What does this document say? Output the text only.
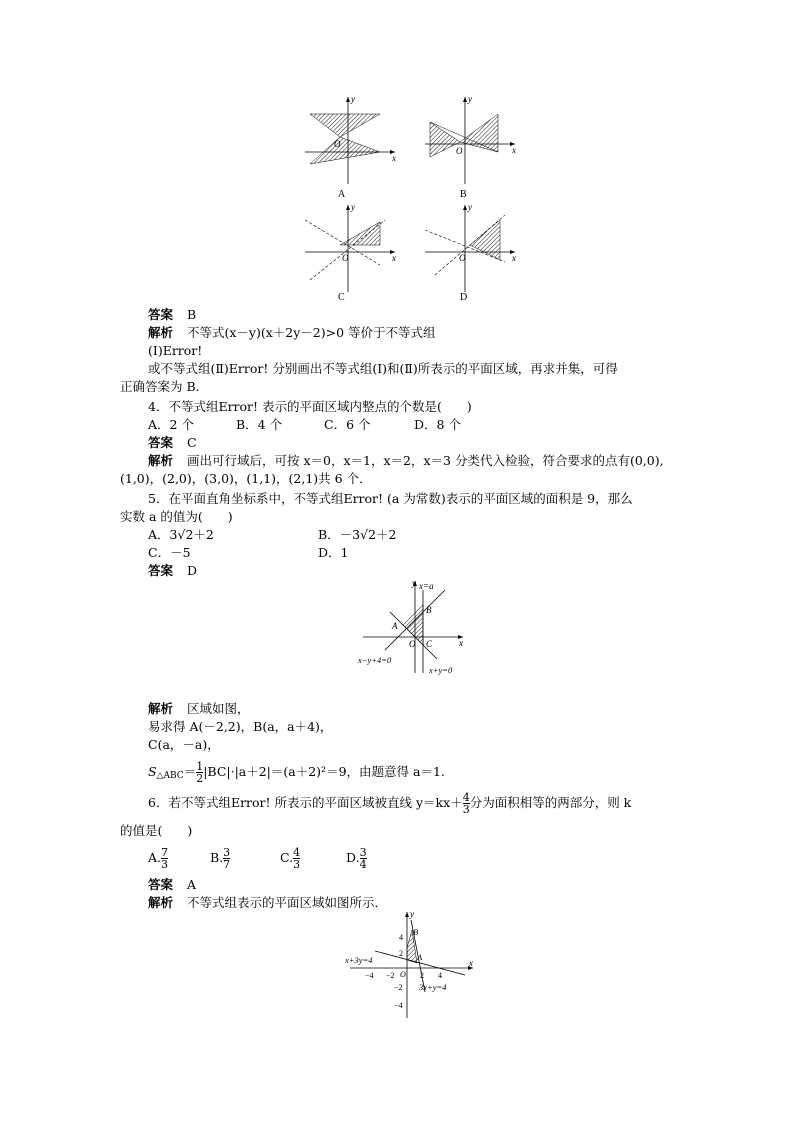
y
x
O
A
y
x
O
B
y
x
O
C
y
x
O
D
答案 B
解析 不等式(x－y)(x＋2y－2)>0 等价于不等式组
(Ⅰ)Error!
或不等式组(Ⅱ)Error! 分别画出不等式组(Ⅰ)和(Ⅱ)所表示的平面区域，再求并集，可得
正确答案为 B.
4．不等式组Error! 表示的平面区域内整点的个数是(　　)
A．2 个	B．4 个	C．6 个	D．8 个
答案 C
解析 画出可行域后，可按 x＝0，x＝1，x＝2，x＝3 分类代入检验，符合要求的点有(0,0),
(1,0)，(2,0)，(3,0)，(1,1)，(2,1)共 6 个．
5．在平面直角坐标系中，不等式组Error! (a 为常数)表示的平面区域的面积是 9，那么
实数 a 的值为(　　)
A．3√2＋2	B．－3√2＋2
C．－5	D．1
答案 D
y
x
x=a
A
B
C
O
x−y+4=0
x+y=0
解析 区域如图，
易求得 A(－2,2)，B(a，a＋4)，
C(a，－a)，
S △ABC ＝ $\frac{1}{2} |BC|\cdot|a+2|=(a+2)^2=9$，由题意得 a＝1.
6．若不等式组Error! 所表示的平面区域被直线 $y=kx+ \frac{4}{3}$ 分为面积相等的两部分，则 k
的值是(　　)
A. $\frac{7}{3}$	B. $\frac{3}{7}$	C. $\frac{4}{3}$	D. $\frac{3}{4}$
答案 A
解析 不等式组表示的平面区域如图所示．
y
x
B
A
O
x+3y=4
3x+y=4
−4 −2	2 4
4
2
−2
−4
